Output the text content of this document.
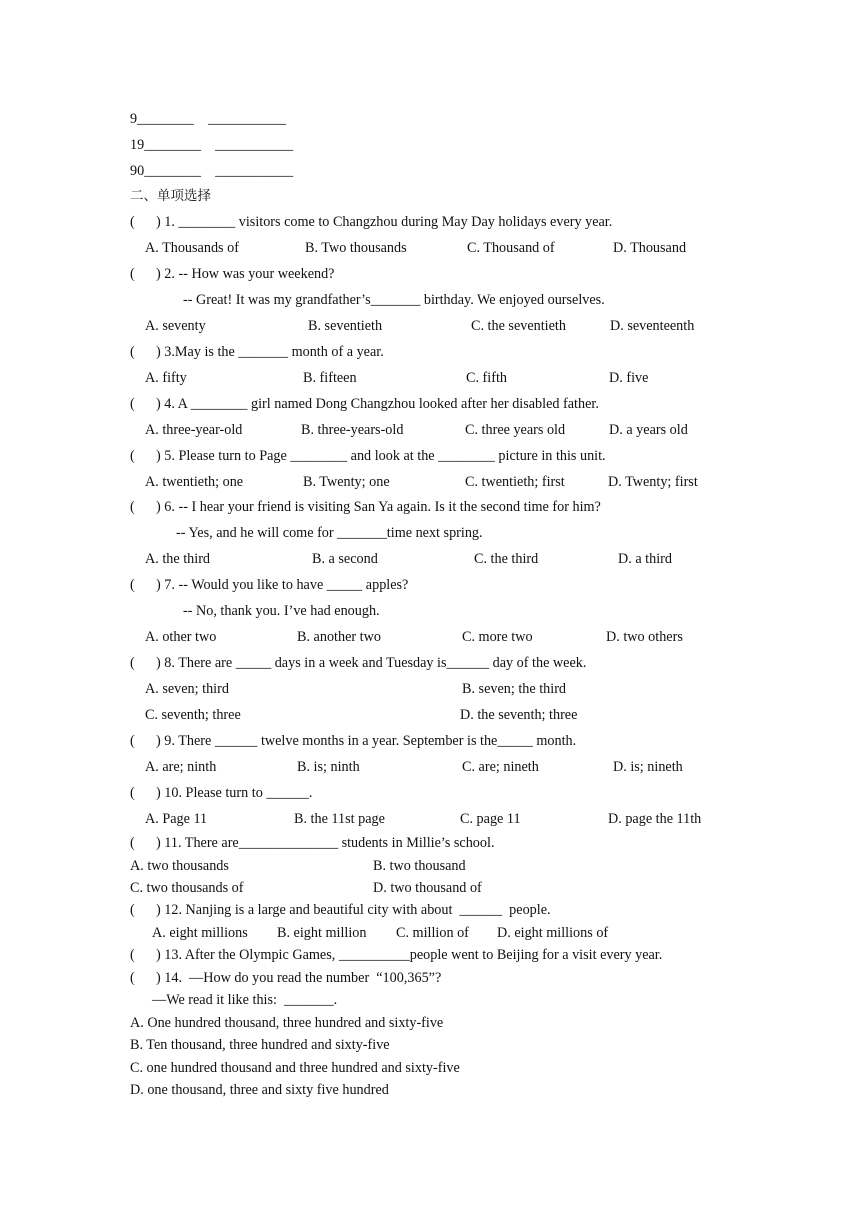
9________    ___________
19________    ___________
90________    ___________
二、单项选择
(      ) 1. ________ visitors come to Changzhou during May Day holidays every year.
A. Thousands of	B. Two thousands	C. Thousand of	D. Thousand
(      ) 2. -- How was your weekend?
-- Great! It was my grandfather’s_______ birthday. We enjoyed ourselves.
A. seventy	B. seventieth	C. the seventieth	D. seventeenth
(      ) 3.May is the _______ month of a year.
A. fifty	B. fifteen	C. fifth	D. five
(      ) 4. A ________ girl named Dong Changzhou looked after her disabled father.
A. three-year-old	B. three-years-old	C. three years old	D. a years old
(      ) 5. Please turn to Page ________ and look at the ________ picture in this unit.
A. twentieth; one	B. Twenty; one	C. twentieth; first	D. Twenty; first
(      ) 6. -- I hear your friend is visiting San Ya again. Is it the second time for him?
-- Yes, and he will come for _______time next spring.
A. the third	B. a second	C. the third	D. a third
(      ) 7. -- Would you like to have _____ apples?
-- No, thank you. I’ve had enough.
A. other two	B. another two	C. more two	D. two others
(      ) 8. There are _____ days in a week and Tuesday is______ day of the week.
A. seven; third	B. seven; the third
C. seventh; three	D. the seventh; three
(      ) 9. There ______ twelve months in a year. September is the_____ month.
A. are; ninth	B. is; ninth	C. are; nineth	D. is; nineth
(      ) 10. Please turn to ______.
A. Page 11	B. the 11st page	C. page 11	D. page the 11th
(      ) 11. There are______________ students in Millie’s school.
A. two thousands	B. two thousand
C. two thousands of	D. two thousand of
(      ) 12. Nanjing is a large and beautiful city with about  ______  people.
A. eight millions B. eight million C. million of D. eight millions of
(      ) 13. After the Olympic Games, __________people went to Beijing for a visit every year.
(      ) 14.  —How do you read the number  “100,365”?
—We read it like this:  _______.
A. One hundred thousand, three hundred and sixty-five
B. Ten thousand, three hundred and sixty-five
C. one hundred thousand and three hundred and sixty-five
D. one thousand, three and sixty five hundred
